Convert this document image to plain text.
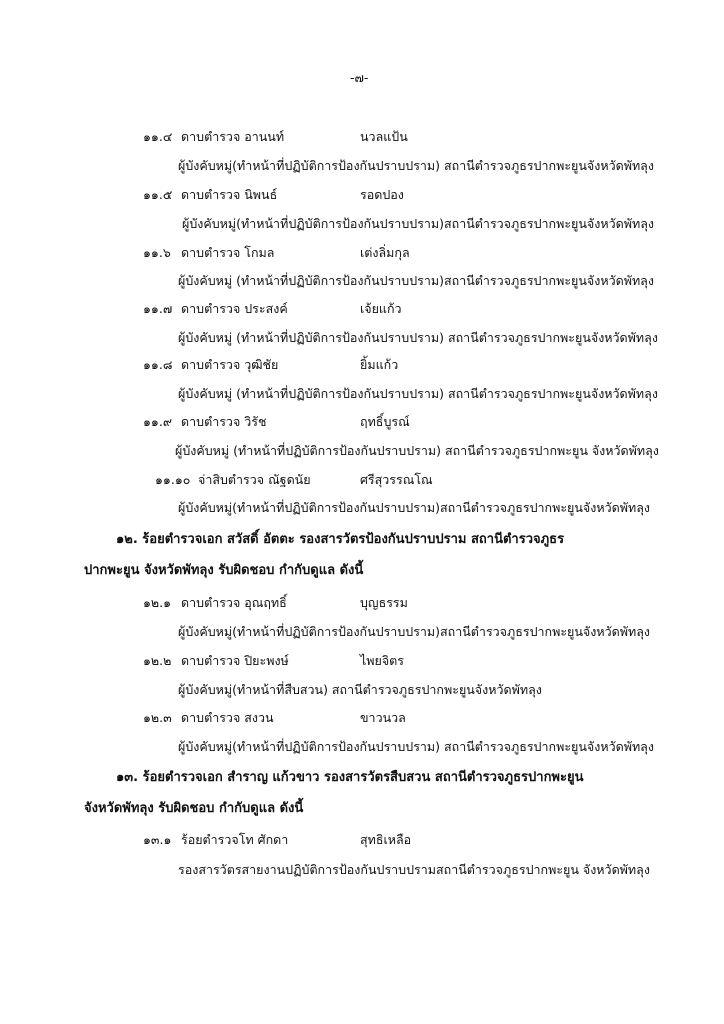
-๗-
๑๑.๔ ดาบตำรวจ อานนท์	นวลแป้น
ผู้บังคับหมู่(ทำหน้าที่ปฏิบัติการป้องกันปราบปราม) สถานีตำรวจภูธรปากพะยูนจังหวัดพัทลุง
๑๑.๕ ดาบตำรวจ นิพนธ์	รอดปอง
ผู้บังคับหมู่(ทำหน้าที่ปฏิบัติการป้องกันปราบปราม)สถานีตำรวจภูธรปากพะยูนจังหวัดพัทลุง
๑๑.๖ ดาบตำรวจ โกมล	เต่งลิ่มกุล
ผู้บังคับหมู่ (ทำหน้าที่ปฏิบัติการป้องกันปราบปราม)สถานีตำรวจภูธรปากพะยูนจังหวัดพัทลุง
๑๑.๗ ดาบตำรวจ ประสงค์	เจ้ยแก้ว
ผู้บังคับหมู่ (ทำหน้าที่ปฏิบัติการป้องกันปราบปราม) สถานีตำรวจภูธรปากพะยูนจังหวัดพัทลุง
๑๑.๘ ดาบตำรวจ วุฒิชัย	ยิ้มแก้ว
ผู้บังคับหมู่ (ทำหน้าที่ปฏิบัติการป้องกันปราบปราม) สถานีตำรวจภูธรปากพะยูนจังหวัดพัทลุง
๑๑.๙ ดาบตำรวจ วิรัช	ฤทธิ์บูรณ์
ผู้บังคับหมู่ (ทำหน้าที่ปฏิบัติการป้องกันปราบปราม) สถานีตำรวจภูธรปากพะยูน จังหวัดพัทลุง
๑๑.๑๐ จ่าสิบตำรวจ ณัฐดนัย	ศรีสุวรรณโณ
ผู้บังคับหมู่(ทำหน้าที่ปฏิบัติการป้องกันปราบปราม)สถานีตำรวจภูธรปากพะยูนจังหวัดพัทลุง
๑๒. ร้อยตำรวจเอก สวัสดิ์ อัตตะ รองสารวัตรป้องกันปราบปราม สถานีตำรวจภูธร
ปากพะยูน จังหวัดพัทลุง รับผิดชอบ กำกับดูแล ดังนี้
๑๒.๑ ดาบตำรวจ อุณฤทธิ์	บุญธรรม
ผู้บังคับหมู่(ทำหน้าที่ปฏิบัติการป้องกันปราบปราม)สถานีตำรวจภูธรปากพะยูนจังหวัดพัทลุง
๑๒.๒ ดาบตำรวจ ปิยะพงษ์	ไพยจิตร
ผู้บังคับหมู่(ทำหน้าที่สืบสวน) สถานีตำรวจภูธรปากพะยูนจังหวัดพัทลุง
๑๒.๓ ดาบตำรวจ สงวน	ขาวนวล
ผู้บังคับหมู่(ทำหน้าที่ปฏิบัติการป้องกันปราบปราม) สถานีตำรวจภูธรปากพะยูนจังหวัดพัทลุง
๑๓. ร้อยตำรวจเอก สำราญ แก้วขาว รองสารวัตรสืบสวน สถานีตำรวจภูธรปากพะยูน
จังหวัดพัทลุง รับผิดชอบ กำกับดูแล ดังนี้
๑๓.๑ ร้อยตำรวจโท ศักดา	สุทธิเหลือ
รองสารวัตรสายงานปฏิบัติการป้องกันปราบปรามสถานีตำรวจภูธรปากพะยูน จังหวัดพัทลุง
